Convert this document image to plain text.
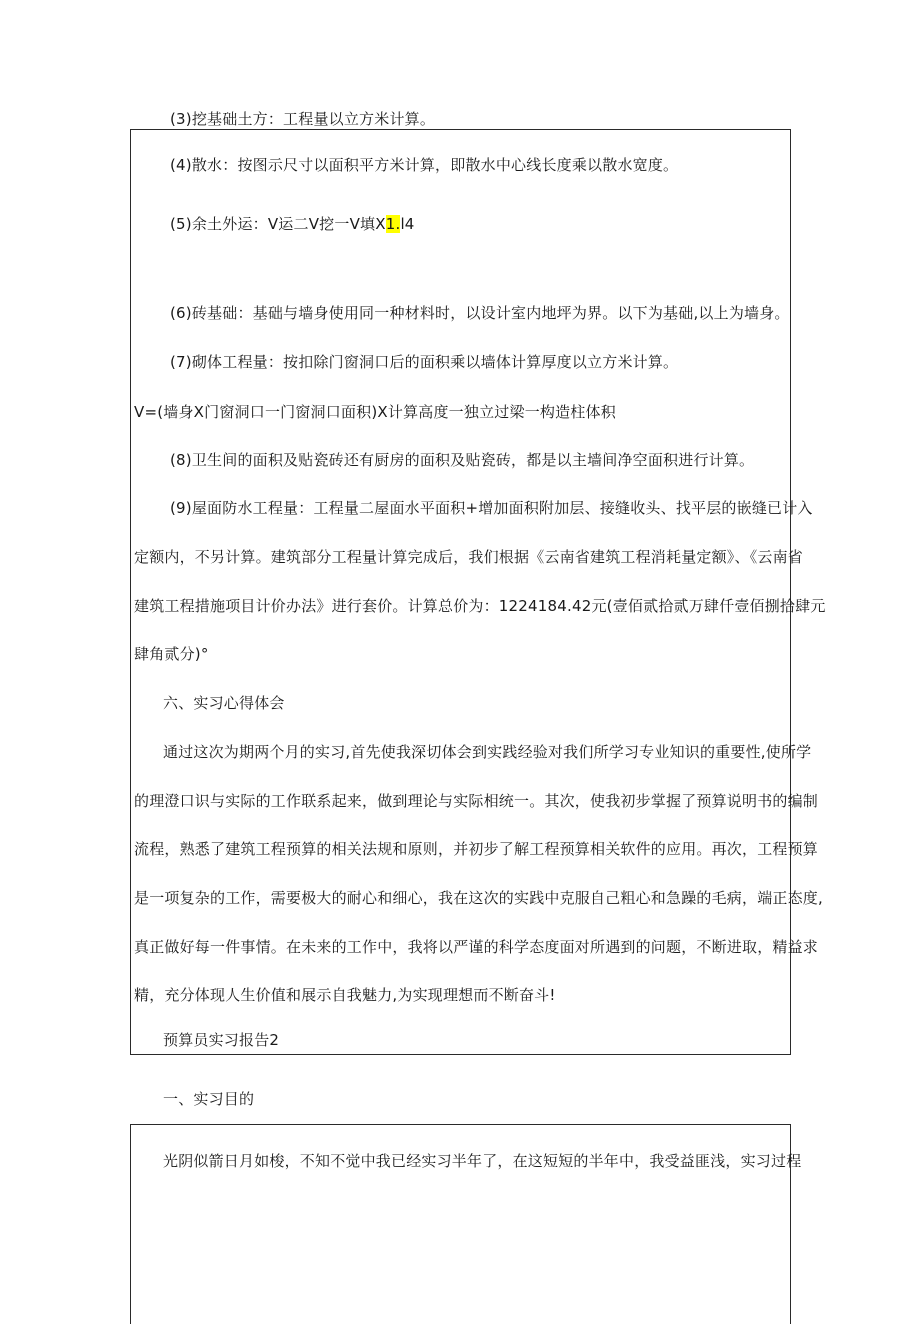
(3)挖基础土方：工程量以立方米计算。
(4)散水：按图示尺寸以面积平方米计算，即散水中心线长度乘以散水宽度。
(5)余土外运：V运二V挖一V填X1.l4
(6)砖基础：基础与墙身使用同一种材料时，以设计室内地坪为界。以下为基础,以上为墙身。
(7)砌体工程量：按扣除门窗洞口后的面积乘以墙体计算厚度以立方米计算。
V=(墙身X门窗洞口一门窗洞口面积)X计算高度一独立过梁一构造柱体积
(8)卫生间的面积及贴瓷砖还有厨房的面积及贴瓷砖，都是以主墙间净空面积进行计算。
(9)屋面防水工程量：工程量二屋面水平面积+增加面积附加层、接缝收头、找平层的嵌缝已计入
定额内，不另计算。建筑部分工程量计算完成后，我们根据《云南省建筑工程消耗量定额》、《云南省
建筑工程措施项目计价办法》进行套价。计算总价为：1224184.42元(壹佰贰拾贰万肆仟壹佰捌拾肆元
肆角贰分)°
六、实习心得体会
通过这次为期两个月的实习,首先使我深切体会到实践经验对我们所学习专业知识的重要性,使所学
的理澄口识与实际的工作联系起来，做到理论与实际相统一。其次，使我初步掌握了预算说明书的编制
流程，熟悉了建筑工程预算的相关法规和原则，并初步了解工程预算相关软件的应用。再次，工程预算
是一项复杂的工作，需要极大的耐心和细心，我在这次的实践中克服自己粗心和急躁的毛病，端正态度,
真正做好每一件事情。在未来的工作中，我将以严谨的科学态度面对所遇到的问题，不断进取，精益求
精，充分体现人生价值和展示自我魅力,为实现理想而不断奋斗!
预算员实习报告2
一、实习目的
光阴似箭日月如梭，不知不觉中我已经实习半年了，在这短短的半年中，我受益匪浅，实习过程
